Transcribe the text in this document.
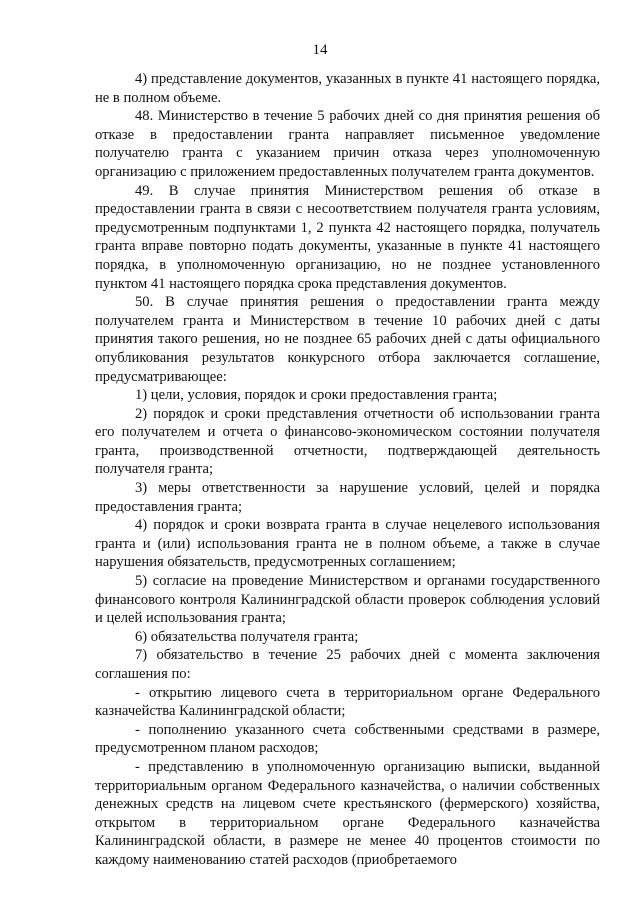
14

4) представление документов, указанных в пункте 41 настоящего порядка, не в полном объеме.

48. Министерство в течение 5 рабочих дней со дня принятия решения об отказе в предоставлении гранта направляет письменное уведомление получателю гранта с указанием причин отказа через уполномоченную организацию с приложением предоставленных получателем гранта документов.

49. В случае принятия Министерством решения об отказе в предоставлении гранта в связи с несоответствием получателя гранта условиям, предусмотренным подпунктами 1, 2 пункта 42 настоящего порядка, получатель гранта вправе повторно подать документы, указанные в пункте 41 настоящего порядка, в уполномоченную организацию, но не позднее установленного пунктом 41 настоящего порядка срока представления документов.

50. В случае принятия решения о предоставлении гранта между получателем гранта и Министерством в течение 10 рабочих дней с даты принятия такого решения, но не позднее 65 рабочих дней с даты официального опубликования результатов конкурсного отбора заключается соглашение, предусматривающее:

1) цели, условия, порядок и сроки предоставления гранта;

2) порядок и сроки представления отчетности об использовании гранта его получателем и отчета о финансово-экономическом состоянии получателя гранта, производственной отчетности, подтверждающей деятельность получателя гранта;

3) меры ответственности за нарушение условий, целей и порядка предоставления гранта;

4) порядок и сроки возврата гранта в случае нецелевого использования гранта и (или) использования гранта не в полном объеме, а также в случае нарушения обязательств, предусмотренных соглашением;

5) согласие на проведение Министерством и органами государственного финансового контроля Калининградской области проверок соблюдения условий и целей использования гранта;

6) обязательства получателя гранта;

7) обязательство в течение 25 рабочих дней с момента заключения соглашения по:

- открытию лицевого счета в территориальном органе Федерального казначейства Калининградской области;

- пополнению указанного счета собственными средствами в размере, предусмотренном планом расходов;

- представлению в уполномоченную организацию выписки, выданной территориальным органом Федерального казначейства, о наличии собственных денежных средств на лицевом счете крестьянского (фермерского) хозяйства, открытом в территориальном органе Федерального казначейства Калининградской области, в размере не менее 40 процентов стоимости по каждому наименованию статей расходов (приобретаемого
